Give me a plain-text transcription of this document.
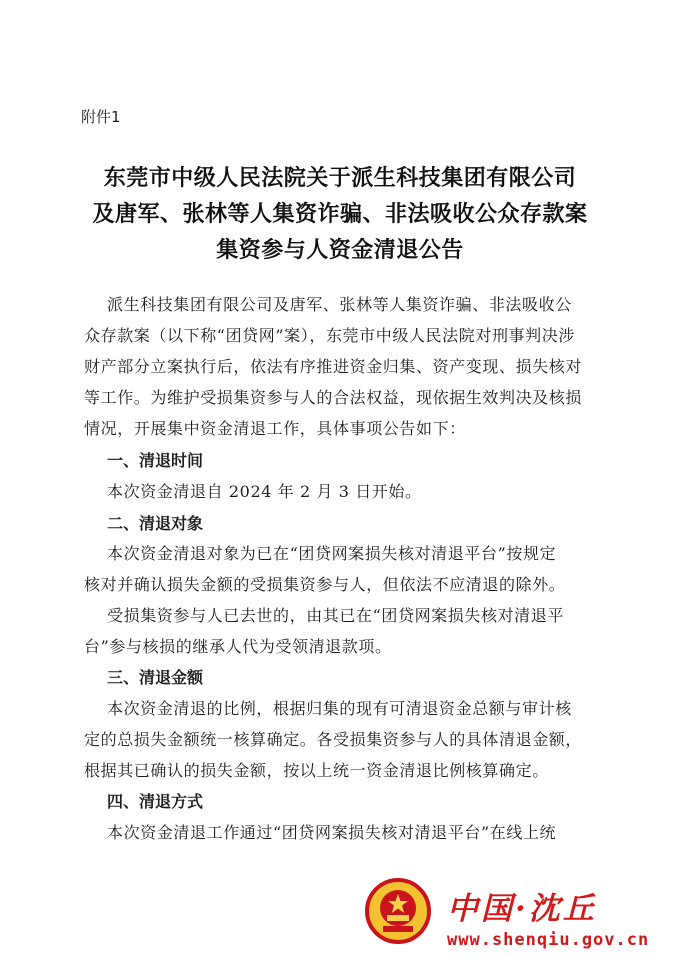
附件1
东莞市中级人民法院关于派生科技集团有限公司
及唐军、张林等人集资诈骗、非法吸收公众存款案
集资参与人资金清退公告
派生科技集团有限公司及唐军、张林等人集资诈骗、非法吸收公
众存款案（以下称“团贷网”案），东莞市中级人民法院对刑事判决涉
财产部分立案执行后，依法有序推进资金归集、资产变现、损失核对
等工作。为维护受损集资参与人的合法权益，现依据生效判决及核损
情况，开展集中资金清退工作，具体事项公告如下：
一、清退时间
本次资金清退自 2024 年 2 月 3 日开始。
二、清退对象
本次资金清退对象为已在“团贷网案损失核对清退平台”按规定
核对并确认损失金额的受损集资参与人，但依法不应清退的除外。
受损集资参与人已去世的，由其已在“团贷网案损失核对清退平
台”参与核损的继承人代为受领清退款项。
三、清退金额
本次资金清退的比例，根据归集的现有可清退资金总额与审计核
定的总损失金额统一核算确定。各受损集资参与人的具体清退金额，
根据其已确认的损失金额，按以上统一资金清退比例核算确定。
四、清退方式
本次资金清退工作通过“团贷网案损失核对清退平台”在线上统
中国·沈丘
www.shenqiu.gov.cn
